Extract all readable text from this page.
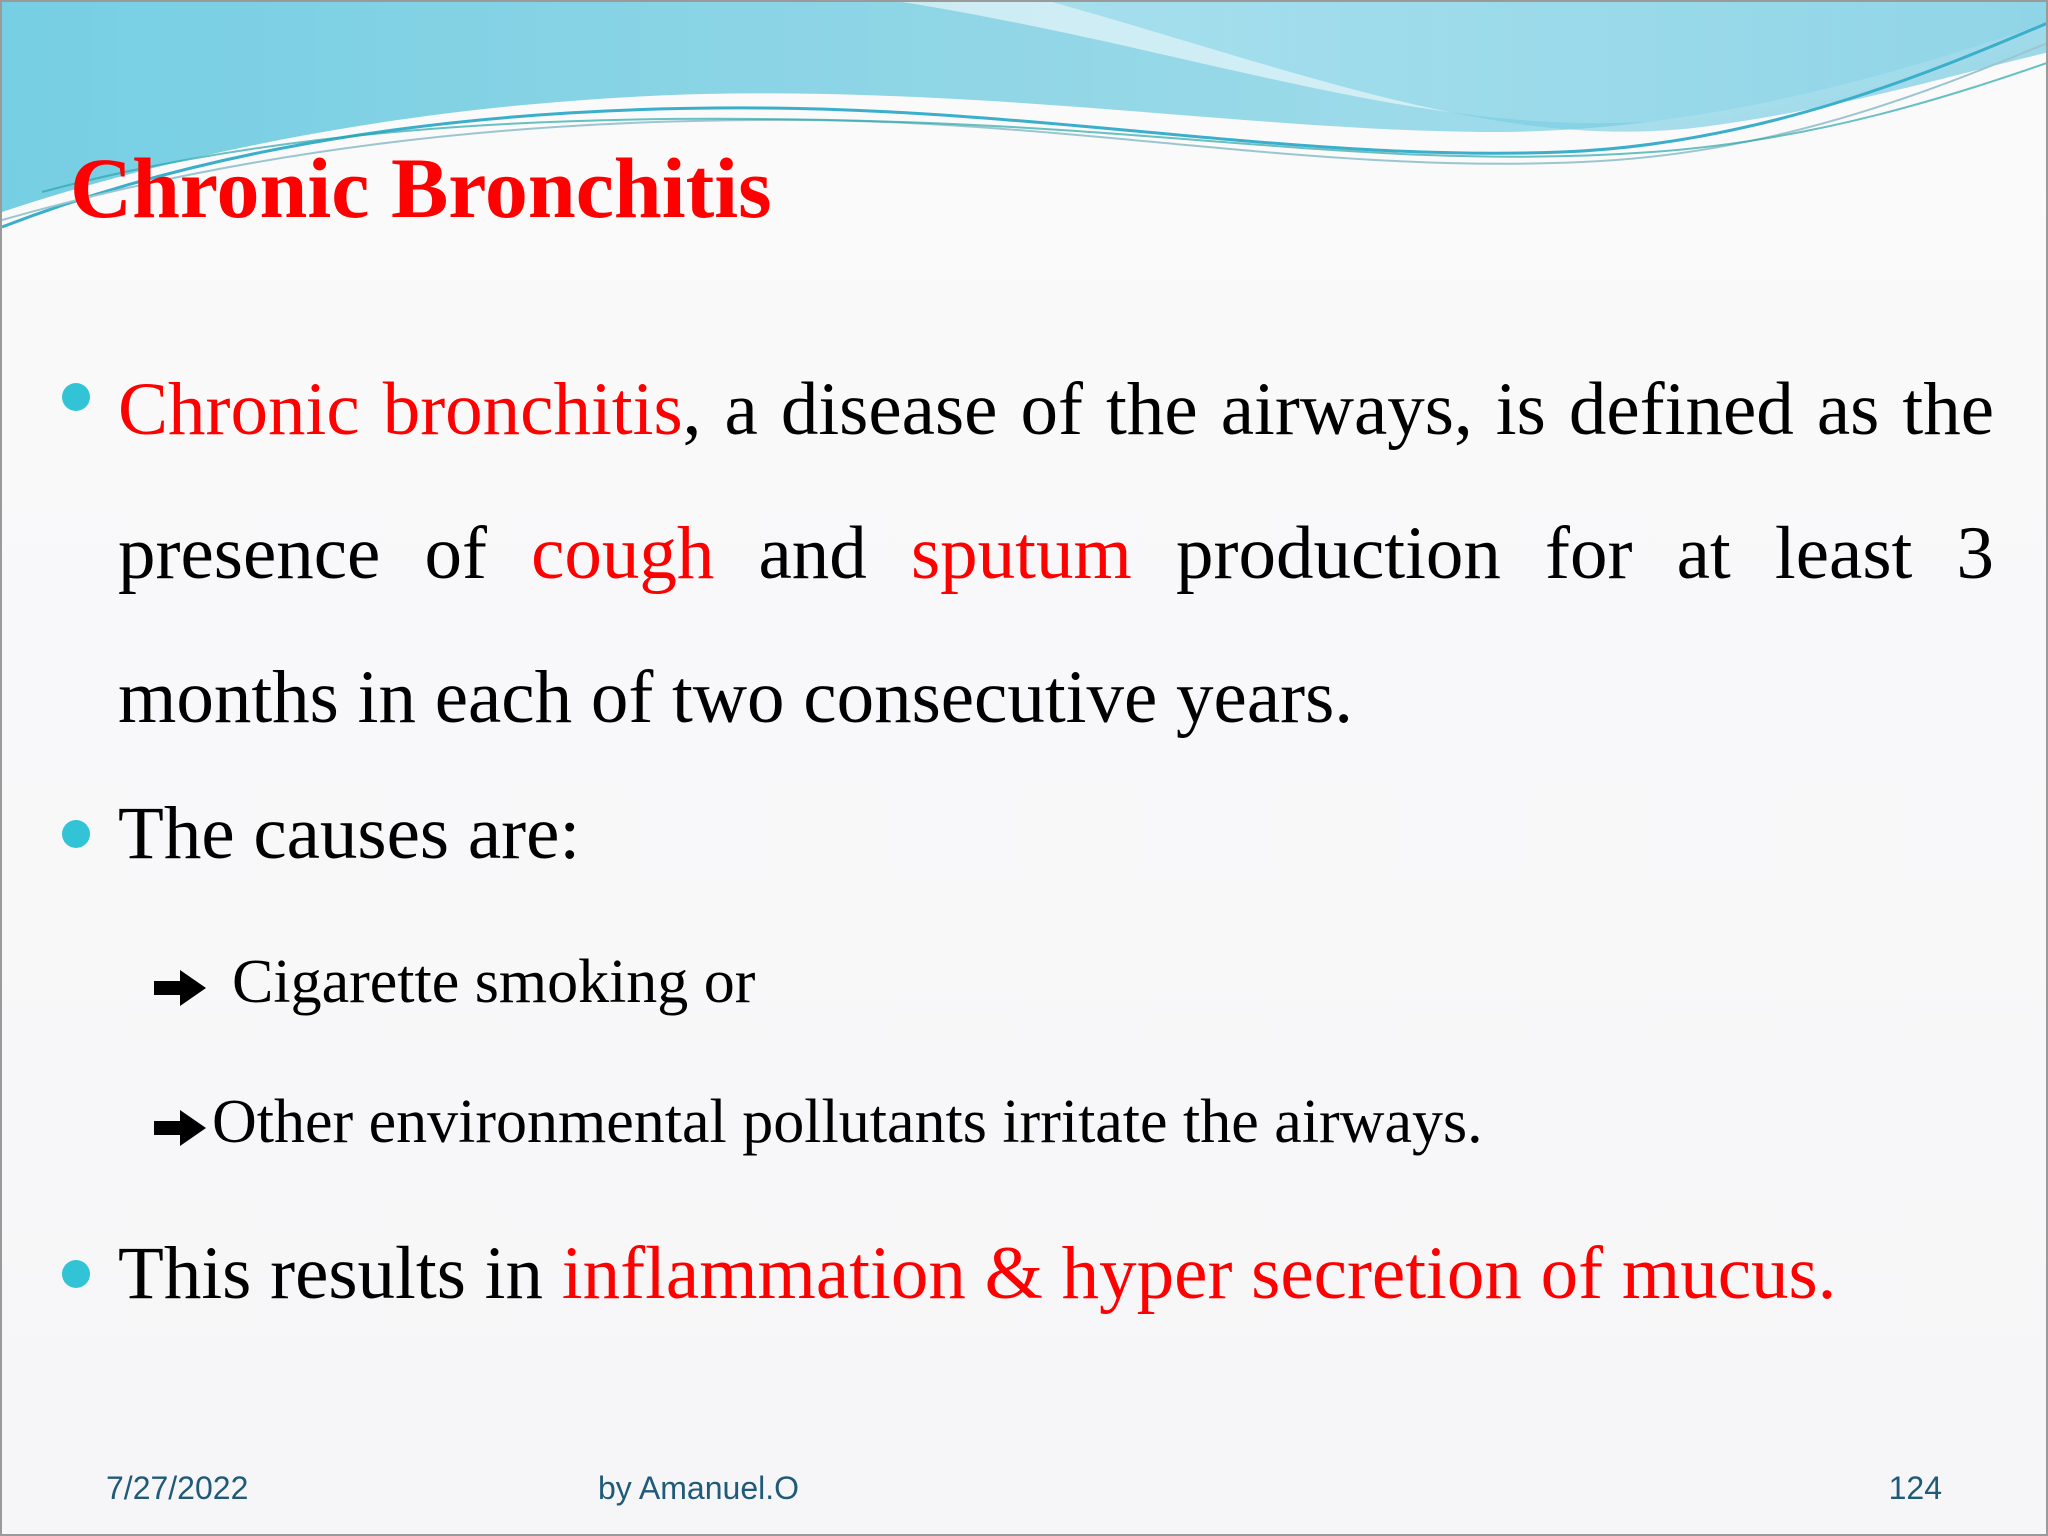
Chronic Bronchitis
Chronic bronchitis, a disease of the airways, is defined as the presence of cough and sputum production for at least 3 months in each of two consecutive years.
The causes are:
Cigarette smoking or
Other environmental pollutants irritate the airways.
This results in inflammation & hyper secretion of mucus.
7/27/2022	by Amanuel.O	124
